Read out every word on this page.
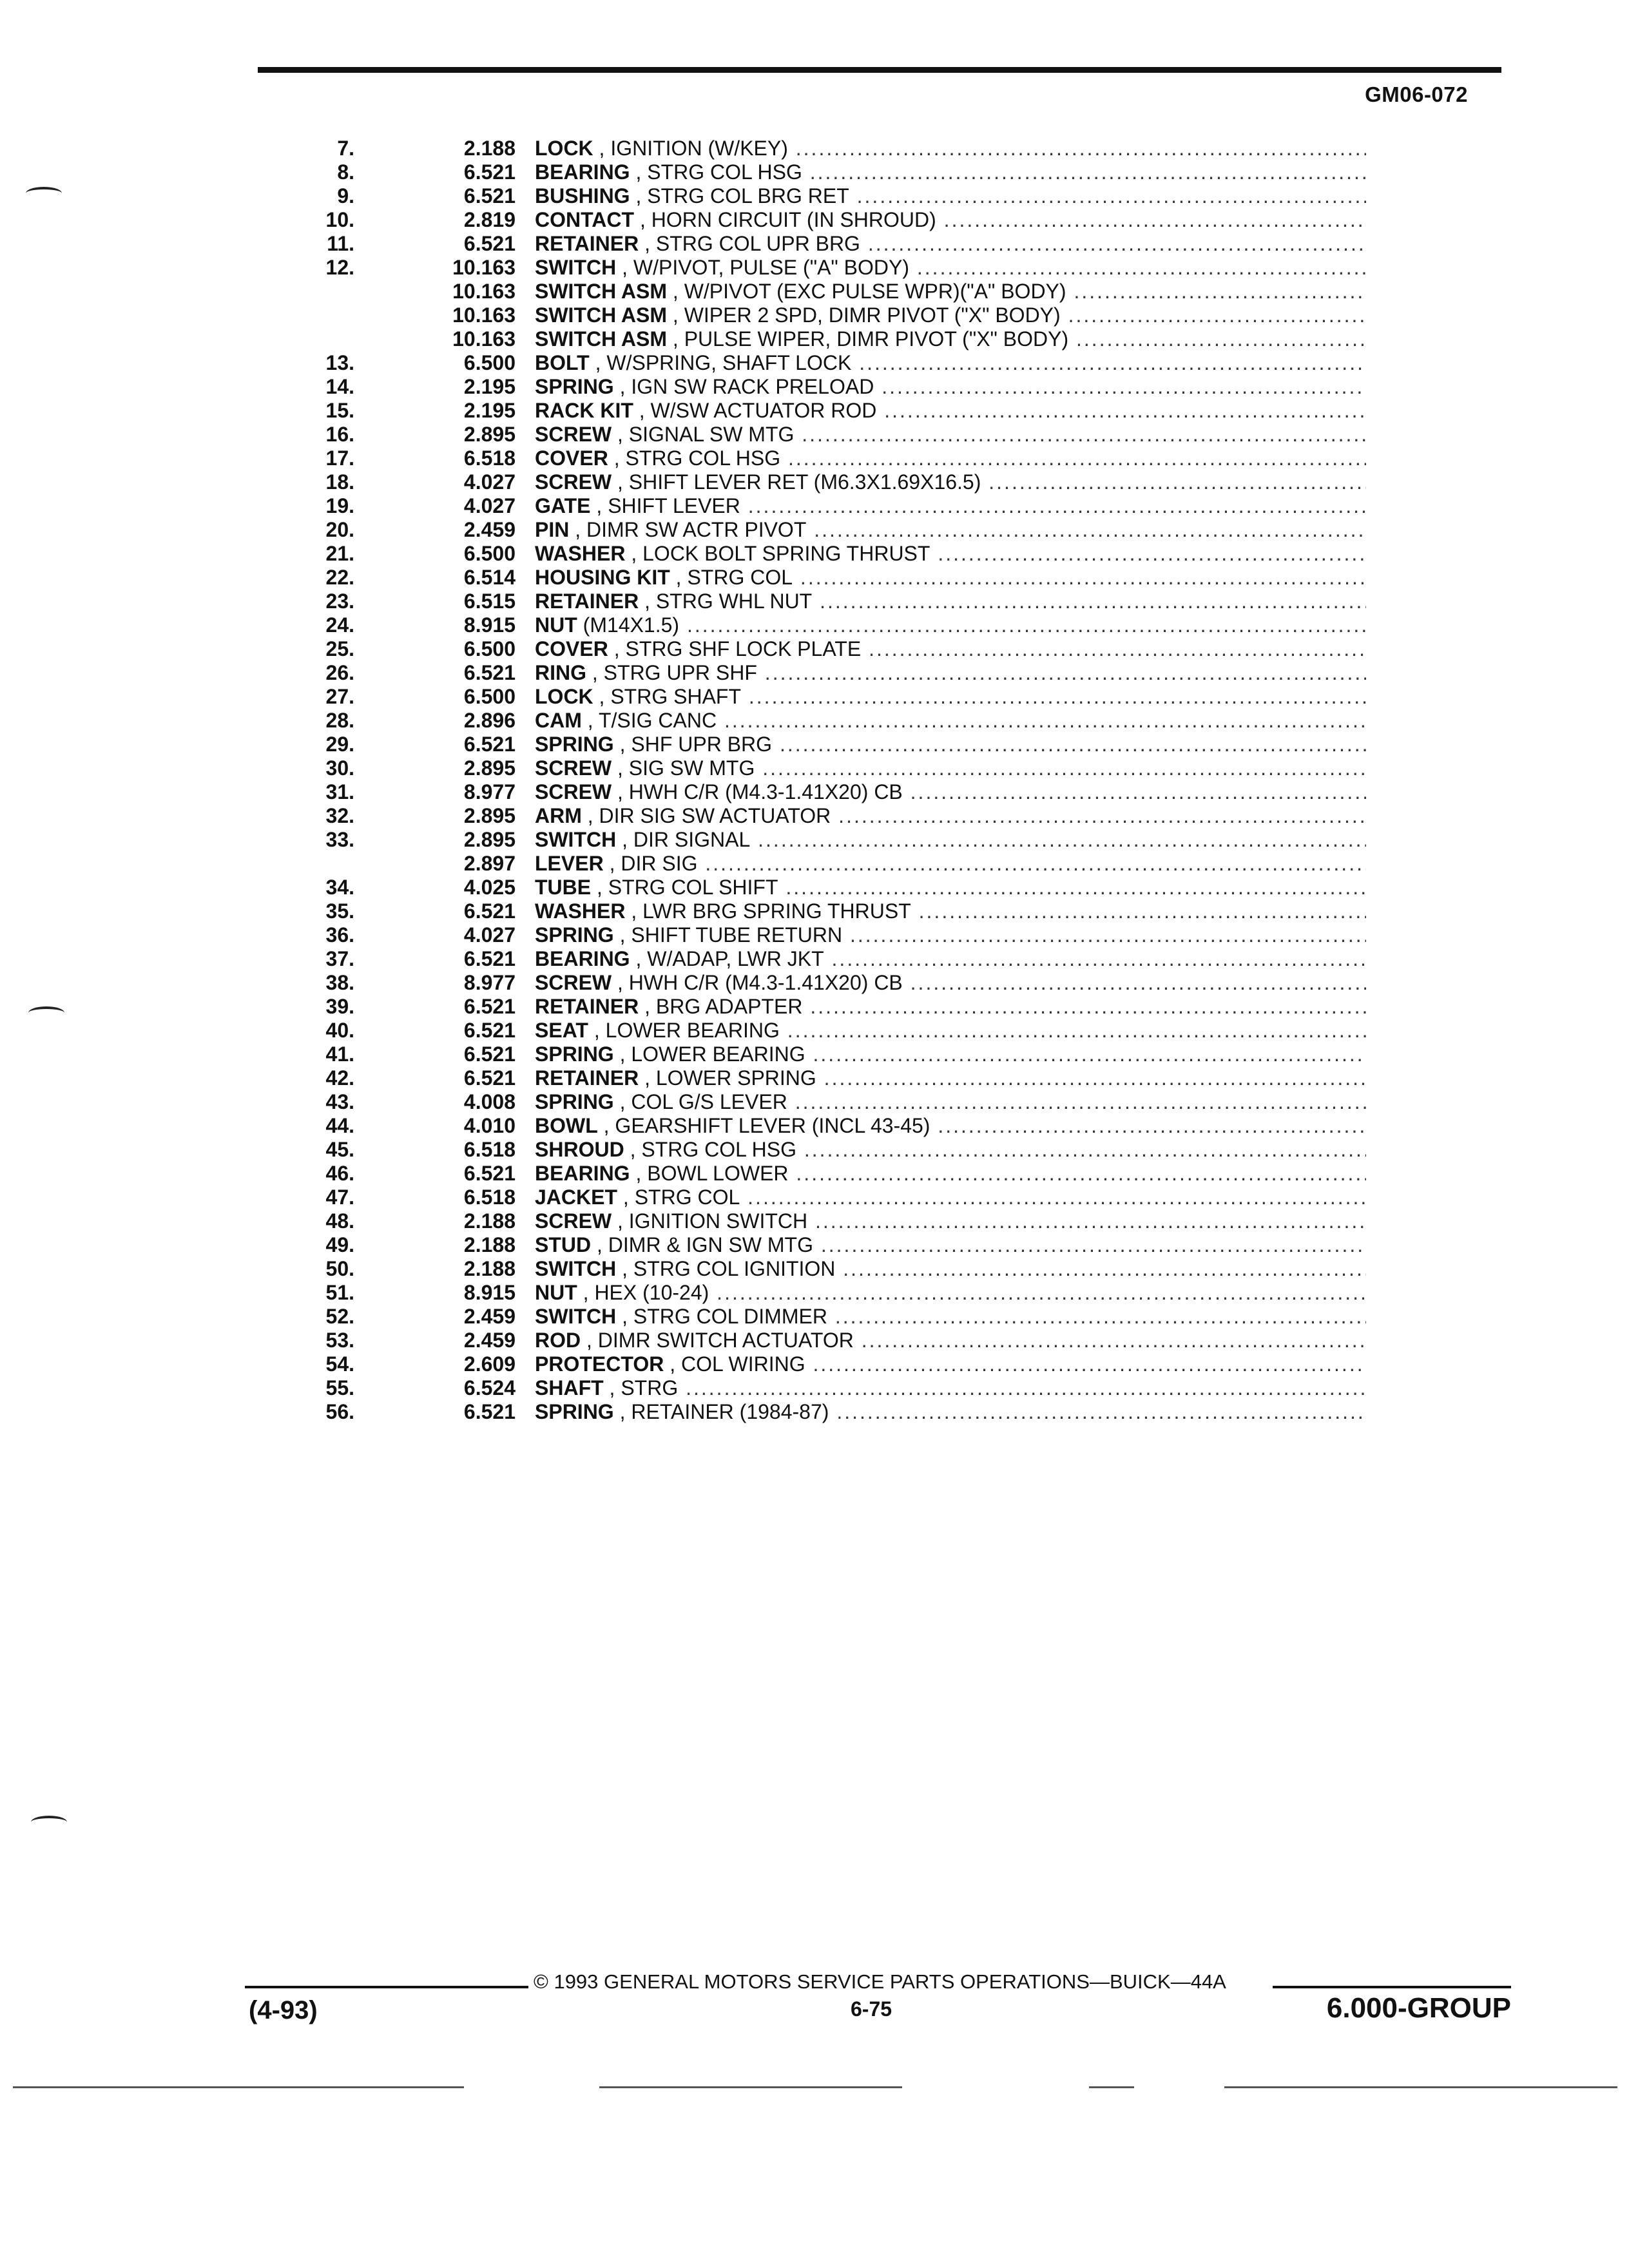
GM06-072
7.	2.188 LOCK , IGNITION (W/KEY) .....
8.	6.521 BEARING , STRG COL HSG .....
9.	6.521 BUSHING , STRG COL BRG RET .....
10.	2.819 CONTACT , HORN CIRCUIT (IN SHROUD) .....
11.	6.521 RETAINER , STRG COL UPR BRG .....
12.	10.163 SWITCH , W/PIVOT, PULSE ("A" BODY) .....
10.163 SWITCH ASM , W/PIVOT (EXC PULSE WPR)("A" BODY) .....
10.163 SWITCH ASM , WIPER 2 SPD, DIMR PIVOT ("X" BODY) .....
10.163 SWITCH ASM , PULSE WIPER, DIMR PIVOT ("X" BODY) .....
13.	6.500 BOLT , W/SPRING, SHAFT LOCK .....
14.	2.195 SPRING , IGN SW RACK PRELOAD .....
15.	2.195 RACK KIT , W/SW ACTUATOR ROD .....
16.	2.895 SCREW , SIGNAL SW MTG .....
17.	6.518 COVER , STRG COL HSG .....
18.	4.027 SCREW , SHIFT LEVER RET (M6.3X1.69X16.5) .....
19.	4.027 GATE , SHIFT LEVER .....
20.	2.459 PIN , DIMR SW ACTR PIVOT .....
21.	6.500 WASHER , LOCK BOLT SPRING THRUST .....
22.	6.514 HOUSING KIT , STRG COL .....
23.	6.515 RETAINER , STRG WHL NUT .....
24.	8.915 NUT (M14X1.5) .....
25.	6.500 COVER , STRG SHF LOCK PLATE .....
26.	6.521 RING , STRG UPR SHF .....
27.	6.500 LOCK , STRG SHAFT .....
28.	2.896 CAM , T/SIG CANC .....
29.	6.521 SPRING , SHF UPR BRG .....
30.	2.895 SCREW , SIG SW MTG .....
31.	8.977 SCREW , HWH C/R (M4.3-1.41X20) CB .....
32.	2.895 ARM , DIR SIG SW ACTUATOR .....
33.	2.895 SWITCH , DIR SIGNAL .....
2.897 LEVER , DIR SIG .....
34.	4.025 TUBE , STRG COL SHIFT .....
35.	6.521 WASHER , LWR BRG SPRING THRUST .....
36.	4.027 SPRING , SHIFT TUBE RETURN .....
37.	6.521 BEARING , W/ADAP, LWR JKT .....
38.	8.977 SCREW , HWH C/R (M4.3-1.41X20) CB .....
39.	6.521 RETAINER , BRG ADAPTER .....
40.	6.521 SEAT , LOWER BEARING .....
41.	6.521 SPRING , LOWER BEARING .....
42.	6.521 RETAINER , LOWER SPRING .....
43.	4.008 SPRING , COL G/S LEVER .....
44.	4.010 BOWL , GEARSHIFT LEVER (INCL 43-45) .....
45.	6.518 SHROUD , STRG COL HSG .....
46.	6.521 BEARING , BOWL LOWER .....
47.	6.518 JACKET , STRG COL .....
48.	2.188 SCREW , IGNITION SWITCH .....
49.	2.188 STUD , DIMR & IGN SW MTG .....
50.	2.188 SWITCH , STRG COL IGNITION .....
51.	8.915 NUT , HEX (10-24) .....
52.	2.459 SWITCH , STRG COL DIMMER .....
53.	2.459 ROD , DIMR SWITCH ACTUATOR .....
54.	2.609 PROTECTOR , COL WIRING .....
55.	6.524 SHAFT , STRG .....
56.	6.521 SPRING , RETAINER (1984-87) .....
© 1993 GENERAL MOTORS SERVICE PARTS OPERATIONS—BUICK—44A
(4-93)	6-75	6.000-GROUP
